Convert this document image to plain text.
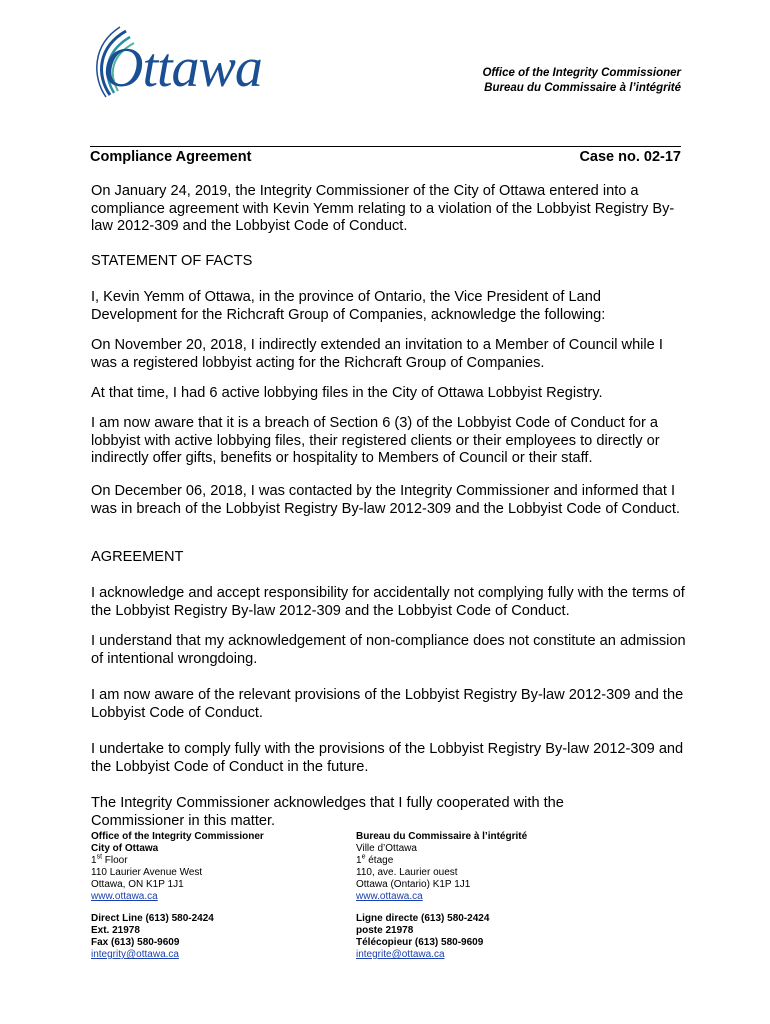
Ottawa	Office of the Integrity Commissioner
Bureau du Commissaire à l’intégrité
Compliance Agreement	Case no. 02-17

On January 24, 2019, the Integrity Commissioner of the City of Ottawa entered into a compliance agreement with Kevin Yemm relating to a violation of the Lobbyist Registry By-law 2012-309 and the Lobbyist Code of Conduct.

STATEMENT OF FACTS

I, Kevin Yemm of Ottawa, in the province of Ontario, the Vice President of Land Development for the Richcraft Group of Companies, acknowledge the following:

On November 20, 2018, I indirectly extended an invitation to a Member of Council while I was a registered lobbyist acting for the Richcraft Group of Companies.

At that time, I had 6 active lobbying files in the City of Ottawa Lobbyist Registry.

I am now aware that it is a breach of Section 6 (3) of the Lobbyist Code of Conduct for a lobbyist with active lobbying files, their registered clients or their employees to directly or indirectly offer gifts, benefits or hospitality to Members of Council or their staff.

On December 06, 2018, I was contacted by the Integrity Commissioner and informed that I was in breach of the Lobbyist Registry By-law 2012-309 and the Lobbyist Code of Conduct.

AGREEMENT

I acknowledge and accept responsibility for accidentally not complying fully with the terms of the Lobbyist Registry By-law 2012-309 and the Lobbyist Code of Conduct.

I understand that my acknowledgement of non-compliance does not constitute an admission of intentional wrongdoing.

I am now aware of the relevant provisions of the Lobbyist Registry By-law 2012-309 and the Lobbyist Code of Conduct.

I undertake to comply fully with the provisions of the Lobbyist Registry By-law 2012-309 and the Lobbyist Code of Conduct in the future.

The Integrity Commissioner acknowledges that I fully cooperated with the Commissioner in this matter.

Office of the Integrity Commissioner
City of Ottawa
1st Floor
110 Laurier Avenue West
Ottawa, ON K1P 1J1
www.ottawa.ca
Direct Line (613) 580-2424
Ext. 21978
Fax (613) 580-9609
integrity@ottawa.ca
Bureau du Commissaire à l’intégrité
Ville d’Ottawa
1e étage
110, ave. Laurier ouest
Ottawa (Ontario) K1P 1J1
www.ottawa.ca
Ligne directe (613) 580-2424
poste 21978
Télécopieur (613) 580-9609
integrite@ottawa.ca
